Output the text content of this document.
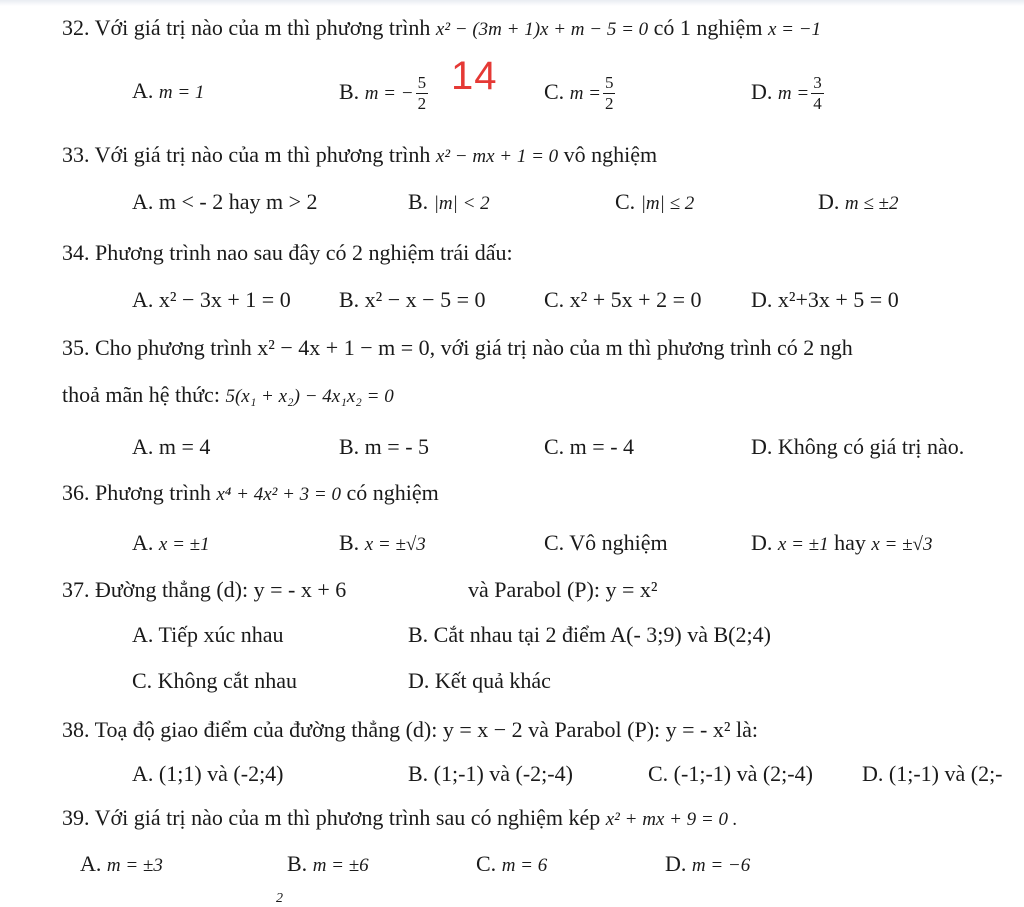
32. Với giá trị nào của m thì phương trình x² − (3m + 1)x + m − 5 = 0 có 1 nghiệm x = −1
A. m = 1	B. m = − $\frac{5}{2} 14$ C. $m = \frac{5}{2}$	D. $m = \frac{3}{4}$
33. Với giá trị nào của m thì phương trình x² − mx + 1 = 0 vô nghiệm
A. m < - 2 hay m > 2	B. |m| < 2	C. |m| ≤ 2	D. m ≤ ±2
34. Phương trình nao sau đây có 2 nghiệm trái dấu:
A. x² − 3x + 1 = 0 B. x² − x − 5 = 0	C. x² + 5x + 2 = 0 D. x²+3x + 5 = 0
35. Cho phương trình x² − 4x + 1 − m = 0, với giá trị nào của m thì phương trình có 2 ngh
thoả mãn hệ thức: 5(x₁ + x₂) − 4x₁x₂ = 0
A. m = 4	B. m = - 5	C. m = - 4	D. Không có giá trị nào.
36. Phương trình x⁴ + 4x² + 3 = 0 có nghiệm
A. x = ±1	B. x = ±√3	C. Vô nghiệm	D. x = ±1 hay x = ±√3
37. Đường thẳng (d): y = - x + 6	và Parabol (P): y = x²
A. Tiếp xúc nhau	B. Cắt nhau tại 2 điểm A(- 3;9) và B(2;4)
C. Không cắt nhau	D. Kết quả khác
38. Toạ độ giao điểm của đường thẳng (d): y = x − 2 và Parabol (P): y = - x² là:
A. (1;1) và (-2;4)	B. (1;-1) và (-2;-4)	C. (-1;-1) và (2;-4) D. (1;-1) và (2;-
39. Với giá trị nào của m thì phương trình sau có nghiệm kép x² + mx + 9 = 0 .
A. m = ±3	B. m = ±6	C. m = 6	D. m = −6
2
